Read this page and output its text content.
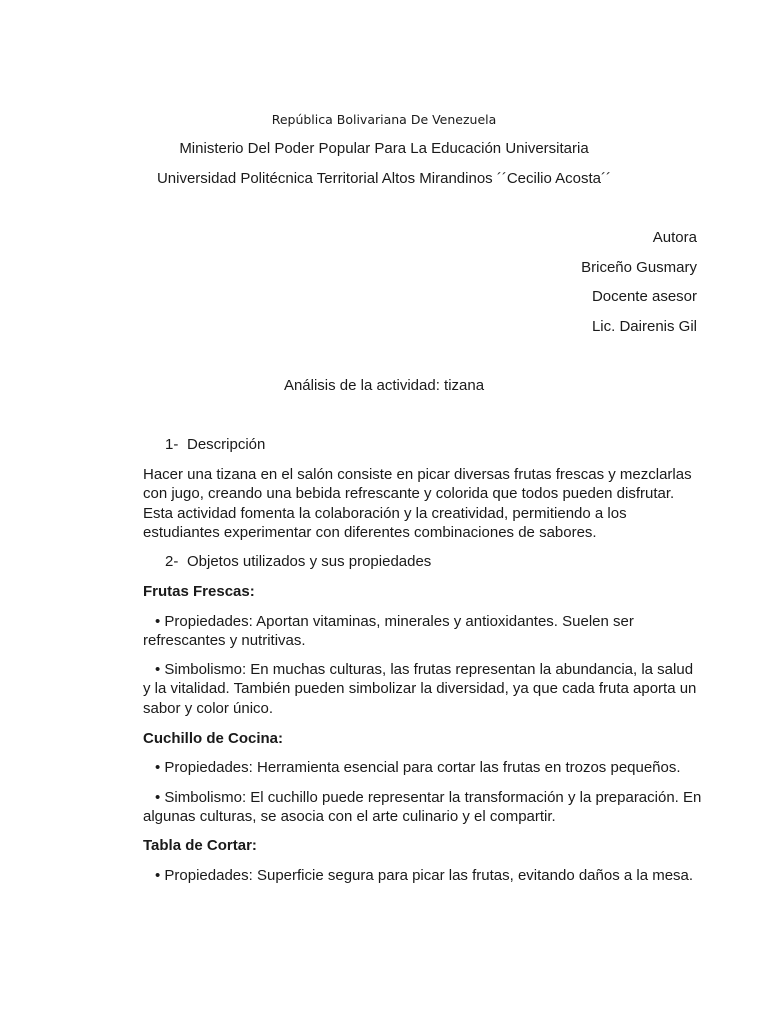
República Bolivariana De Venezuela
Ministerio Del Poder Popular Para La Educación Universitaria
Universidad Politécnica Territorial Altos Mirandinos ´´Cecilio Acosta´´
Autora
Briceño Gusmary
Docente asesor
Lic. Dairenis Gil
Análisis de la actividad: tizana
1- Descripción
Hacer una tizana en el salón consiste en picar diversas frutas frescas y mezclarlas con jugo, creando una bebida refrescante y colorida que todos pueden disfrutar. Esta actividad fomenta la colaboración y la creatividad, permitiendo a los estudiantes experimentar con diferentes combinaciones de sabores.
2- Objetos utilizados y sus propiedades
Frutas Frescas:
• Propiedades: Aportan vitaminas, minerales y antioxidantes. Suelen ser refrescantes y nutritivas.
• Simbolismo: En muchas culturas, las frutas representan la abundancia, la salud y la vitalidad. También pueden simbolizar la diversidad, ya que cada fruta aporta un sabor y color único.
Cuchillo de Cocina:
• Propiedades: Herramienta esencial para cortar las frutas en trozos pequeños.
• Simbolismo: El cuchillo puede representar la transformación y la preparación. En algunas culturas, se asocia con el arte culinario y el compartir.
Tabla de Cortar:
• Propiedades: Superficie segura para picar las frutas, evitando daños a la mesa.
